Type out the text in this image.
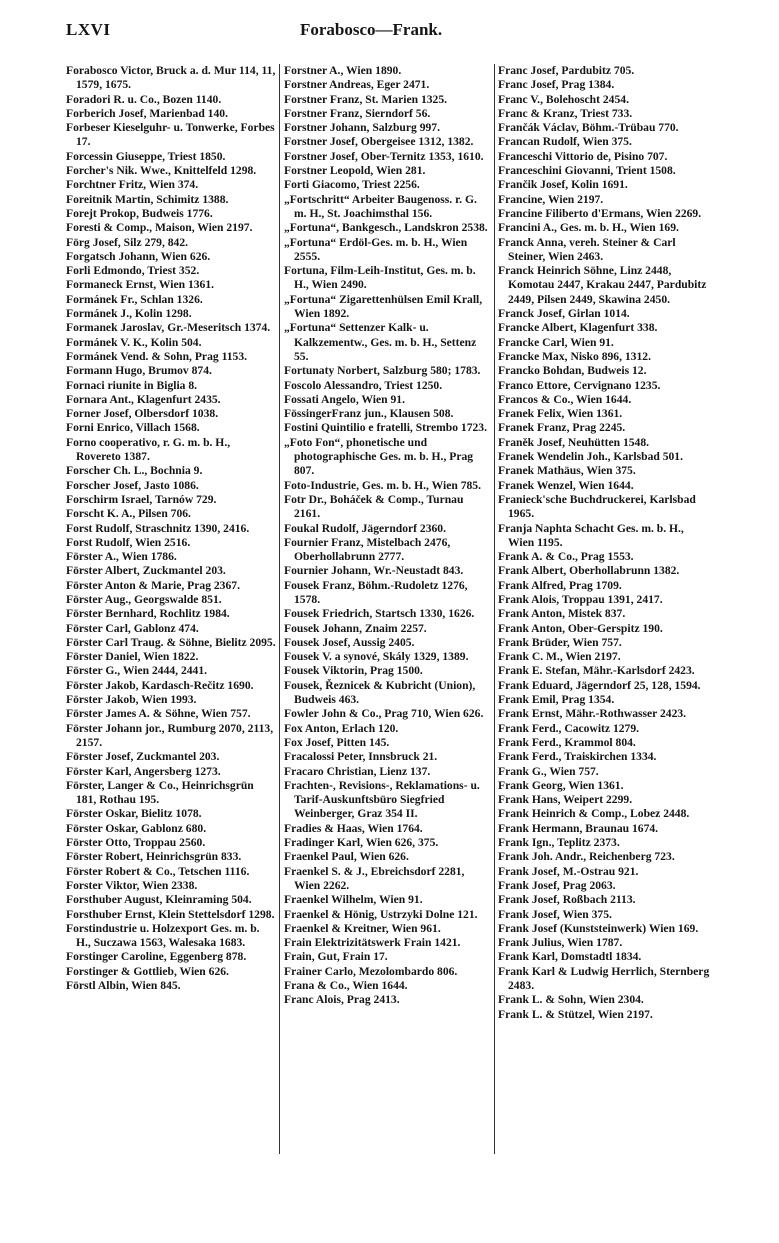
LXVI	Forabosco—Frank.

Forabosco Victor, Bruck a. d. Mur 114, 11, 1579, 1675.

Foradori R. u. Co., Bozen 1140.

Forberich Josef, Marienbad 140.

Forbeser Kieselguhr- u. Tonwerke, Forbes 17.

Forcessin Giuseppe, Triest 1850.

Forcher's Nik. Wwe., Knittelfeld 1298.

Forchtner Fritz, Wien 374.

Foreitnik Martin, Schimitz 1388.

Forejt Prokop, Budweis 1776.

Foresti & Comp., Maison, Wien 2197.

Förg Josef, Silz 279, 842.

Forgatsch Johann, Wien 626.

Forli Edmondo, Triest 352.

Formaneck Ernst, Wien 1361.

Formánek Fr., Schlan 1326.

Formánek J., Kolin 1298.

Formanek Jaroslav, Gr.-Meseritsch 1374.

Formánek V. K., Kolin 504.

Formánek Vend. & Sohn, Prag 1153.

Formann Hugo, Brumov 874.

Fornaci riunite in Biglia 8.

Fornara Ant., Klagenfurt 2435.

Forner Josef, Olbersdorf 1038.

Forni Enrico, Villach 1568.

Forno cooperativo, r. G. m. b. H., Rovereto 1387.

Forscher Ch. L., Bochnia 9.

Forscher Josef, Jasto 1086.

Forschirm Israel, Tarnów 729.

Forscht K. A., Pilsen 706.

Forst Rudolf, Straschnitz 1390, 2416.

Forst Rudolf, Wien 2516.

Förster A., Wien 1786.

Förster Albert, Zuckmantel 203.

Förster Anton & Marie, Prag 2367.

Förster Aug., Georgswalde 851.

Förster Bernhard, Rochlitz 1984.

Förster Carl, Gablonz 474.

Förster Carl Traug. & Söhne, Bielitz 2095.

Förster Daniel, Wien 1822.

Förster G., Wien 2444, 2441.

Förster Jakob, Kardasch-Rečitz 1690.

Förster Jakob, Wien 1993.

Förster James A. & Söhne, Wien 757.

Förster Johann jor., Rumburg 2070, 2113, 2157.

Förster Josef, Zuckmantel 203.

Förster Karl, Angersberg 1273.

Förster, Langer & Co., Heinrichsgrün 181, Rothau 195.

Förster Oskar, Bielitz 1078.

Förster Oskar, Gablonz 680.

Förster Otto, Troppau 2560.

Förster Robert, Heinrichsgrün 833.

Förster Robert & Co., Tetschen 1116.

Forster Viktor, Wien 2338.

Forsthuber August, Kleinraming 504.

Forsthuber Ernst, Klein Stettelsdorf 1298.

Forstindustrie u. Holzexport Ges. m. b. H., Suczawa 1563, Walesaka 1683.

Forstinger Caroline, Eggenberg 878.

Forstinger & Gottlieb, Wien 626.

Förstl Albin, Wien 845.

Forstner A., Wien 1890.

Forstner Andreas, Eger 2471.

Forstner Franz, St. Marien 1325.

Forstner Franz, Sierndorf 56.

Forstner Johann, Salzburg 997.

Forstner Josef, Obergeisee 1312, 1382.

Forstner Josef, Ober-Ternitz 1353, 1610.

Forstner Leopold, Wien 281.

Forti Giacomo, Triest 2256.

„Fortschritt“ Arbeiter Baugenoss. r. G. m. H., St. Joachimsthal 156.

„Fortuna“, Bankgesch., Landskron 2538.

„Fortuna“ Erdöl-Ges. m. b. H., Wien 2555.

Fortuna, Film-Leih-Institut, Ges. m. b. H., Wien 2490.

„Fortuna“ Zigarettenhülsen Emil Krall, Wien 1892.

„Fortuna“ Settenzer Kalk- u. Kalkzementw., Ges. m. b. H., Settenz 55.

Fortunaty Norbert, Salzburg 580; 1783.

Foscolo Alessandro, Triest 1250.

Fossati Angelo, Wien 91.

FössingerFranz jun., Klausen 508.

Fostini Quintilio e fratelli, Strembo 1723.

„Foto Fon“, phonetische und photographische Ges. m. b. H., Prag 807.

Foto-Industrie, Ges. m. b. H., Wien 785.

Fotr Dr., Boháček & Comp., Turnau 2161.

Foukal Rudolf, Jägerndorf 2360.

Fournier Franz, Mistelbach 2476, Oberhollabrunn 2777.

Fournier Johann, Wr.-Neustadt 843.

Fousek Franz, Böhm.-Rudoletz 1276, 1578.

Fousek Friedrich, Startsch 1330, 1626.

Fousek Johann, Znaim 2257.

Fousek Josef, Aussig 2405.

Fousek V. a synové, Skály 1329, 1389.

Fousek Viktorin, Prag 1500.

Fousek, Řeznicek & Kubricht (Union), Budweis 463.

Fowler John & Co., Prag 710, Wien 626.

Fox Anton, Erlach 120.

Fox Josef, Pitten 145.

Fracalossi Peter, Innsbruck 21.

Fracaro Christian, Lienz 137.

Frachten-, Revisions-, Reklamations- u. Tarif-Auskunftsbüro Siegfried Weinberger, Graz 354 II.

Fradies & Haas, Wien 1764.

Fradinger Karl, Wien 626, 375.

Fraenkel Paul, Wien 626.

Fraenkel S. & J., Ebreichsdorf 2281, Wien 2262.

Fraenkel Wilhelm, Wien 91.

Fraenkel & Hönig, Ustrzyki Dolne 121.

Fraenkel & Kreitner, Wien 961.

Frain Elektrizitätswerk Frain 1421.

Frain, Gut, Frain 17.

Frainer Carlo, Mezolombardo 806.

Frana & Co., Wien 1644.

Franc Alois, Prag 2413.

Franc Josef, Pardubitz 705.

Franc Josef, Prag 1384.

Franc V., Bolehoscht 2454.

Franc & Kranz, Triest 733.

Frančák Václav, Böhm.-Trübau 770.

Francan Rudolf, Wien 375.

Franceschi Vittorio de, Pisino 707.

Franceschini Giovanni, Trient 1508.

Frančik Josef, Kolin 1691.

Francine, Wien 2197.

Francine Filiberto d'Ermans, Wien 2269.

Francini A., Ges. m. b. H., Wien 169.

Franck Anna, vereh. Steiner & Carl Steiner, Wien 2463.

Franck Heinrich Söhne, Linz 2448, Komotau 2447, Krakau 2447, Pardubitz 2449, Pilsen 2449, Skawina 2450.

Franck Josef, Girlan 1014.

Francke Albert, Klagenfurt 338.

Francke Carl, Wien 91.

Francke Max, Nisko 896, 1312.

Francko Bohdan, Budweis 12.

Franco Ettore, Cervignano 1235.

Francos & Co., Wien 1644.

Franek Felix, Wien 1361.

Franek Franz, Prag 2245.

Franěk Josef, Neuhütten 1548.

Franek Wendelin Joh., Karlsbad 501.

Franek Mathäus, Wien 375.

Franek Wenzel, Wien 1644.

Franieck'sche Buchdruckerei, Karlsbad 1965.

Franja Naphta Schacht Ges. m. b. H., Wien 1195.

Frank A. & Co., Prag 1553.

Frank Albert, Oberhollabrunn 1382.

Frank Alfred, Prag 1709.

Frank Alois, Troppau 1391, 2417.

Frank Anton, Mistek 837.

Frank Anton, Ober-Gerspitz 190.

Frank Brüder, Wien 757.

Frank C. M., Wien 2197.

Frank E. Stefan, Mähr.-Karlsdorf 2423.

Frank Eduard, Jägerndorf 25, 128, 1594.

Frank Emil, Prag 1354.

Frank Ernst, Mähr.-Rothwasser 2423.

Frank Ferd., Cacowitz 1279.

Frank Ferd., Krammol 804.

Frank Ferd., Traiskirchen 1334.

Frank G., Wien 757.

Frank Georg, Wien 1361.

Frank Hans, Weipert 2299.

Frank Heinrich & Comp., Lobez 2448.

Frank Hermann, Braunau 1674.

Frank Ign., Teplitz 2373.

Frank Joh. Andr., Reichenberg 723.

Frank Josef, M.-Ostrau 921.

Frank Josef, Prag 2063.

Frank Josef, Roßbach 2113.

Frank Josef, Wien 375.

Frank Josef (Kunststeinwerk) Wien 169.

Frank Julius, Wien 1787.

Frank Karl, Domstadtl 1834.

Frank Karl & Ludwig Herrlich, Sternberg 2483.

Frank L. & Sohn, Wien 2304.

Frank L. & Stützel, Wien 2197.
